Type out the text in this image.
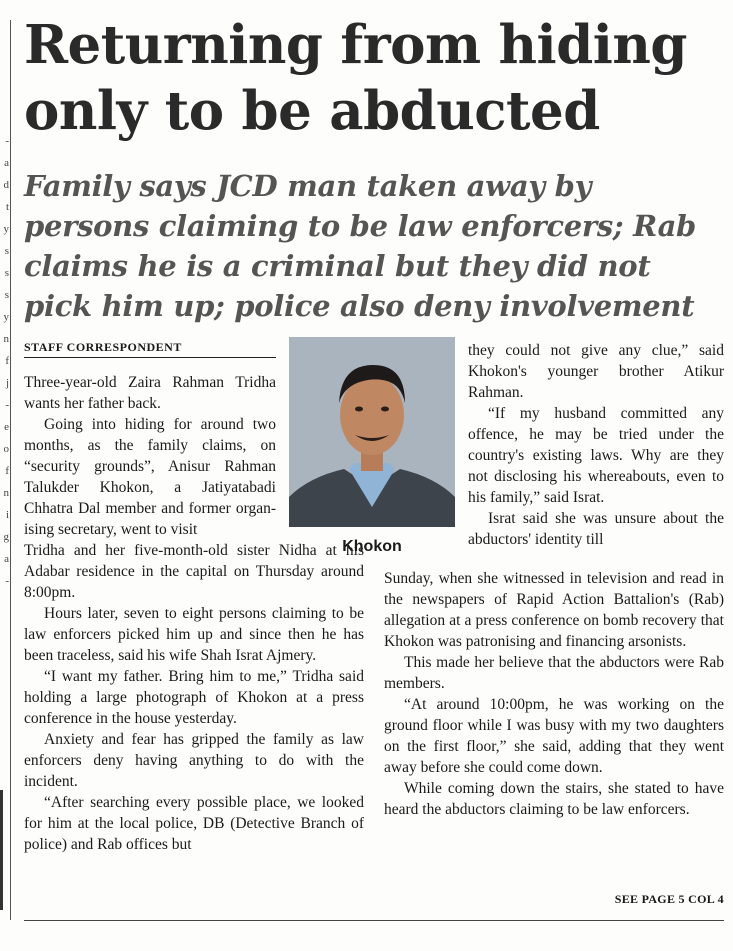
- a d t y s s s y n f j - e o f n i g a -
Returning from hiding only to be abducted
Family says JCD man taken away by persons claiming to be law enforcers; Rab claims he is a criminal but they did not pick him up; police also deny involvement
STAFF CORRESPONDENT

Three-year-old Zaira Rahman Tridha wants her father back.

Going into hiding for around two months, as the family claims, on “security grounds”, Anisur Rahman Talukder Khokon, a Jatiyatabadi Chhatra Dal member and former organ-ising secretary, went to visit

Tridha and her five-month-old sister Nidha at his Adabar residence in the capital on Thursday around 8:00pm.

Hours later, seven to eight persons claiming to be law enforcers picked him up and since then he has been traceless, said his wife Shah Israt Ajmery.

“I want my father. Bring him to me,” Tridha said holding a large photograph of Khokon at a press conference in the house yesterday.

Anxiety and fear has gripped the family as law enforcers deny having anything to do with the incident.

“After searching every possible place, we looked for him at the local police, DB (Detective Branch of police) and Rab offices but

Khokon

they could not give any clue,” said Khokon's younger brother Atikur Rahman.

“If my husband committed any offence, he may be tried under the country's existing laws. Why are they not disclosing his whereabouts, even to his family,” said Israt.

Israt said she was unsure about the abductors' identity till

Sunday, when she witnessed in television and read in the newspapers of Rapid Action Battalion's (Rab) allegation at a press conference on bomb recovery that Khokon was patronising and financing arsonists.

This made her believe that the abductors were Rab members.

“At around 10:00pm, he was working on the ground floor while I was busy with my two daughters on the first floor,” she said, adding that they went away before she could come down.

While coming down the stairs, she stated to have heard the abductors claiming to be law enforcers.

SEE PAGE 5 COL 4
